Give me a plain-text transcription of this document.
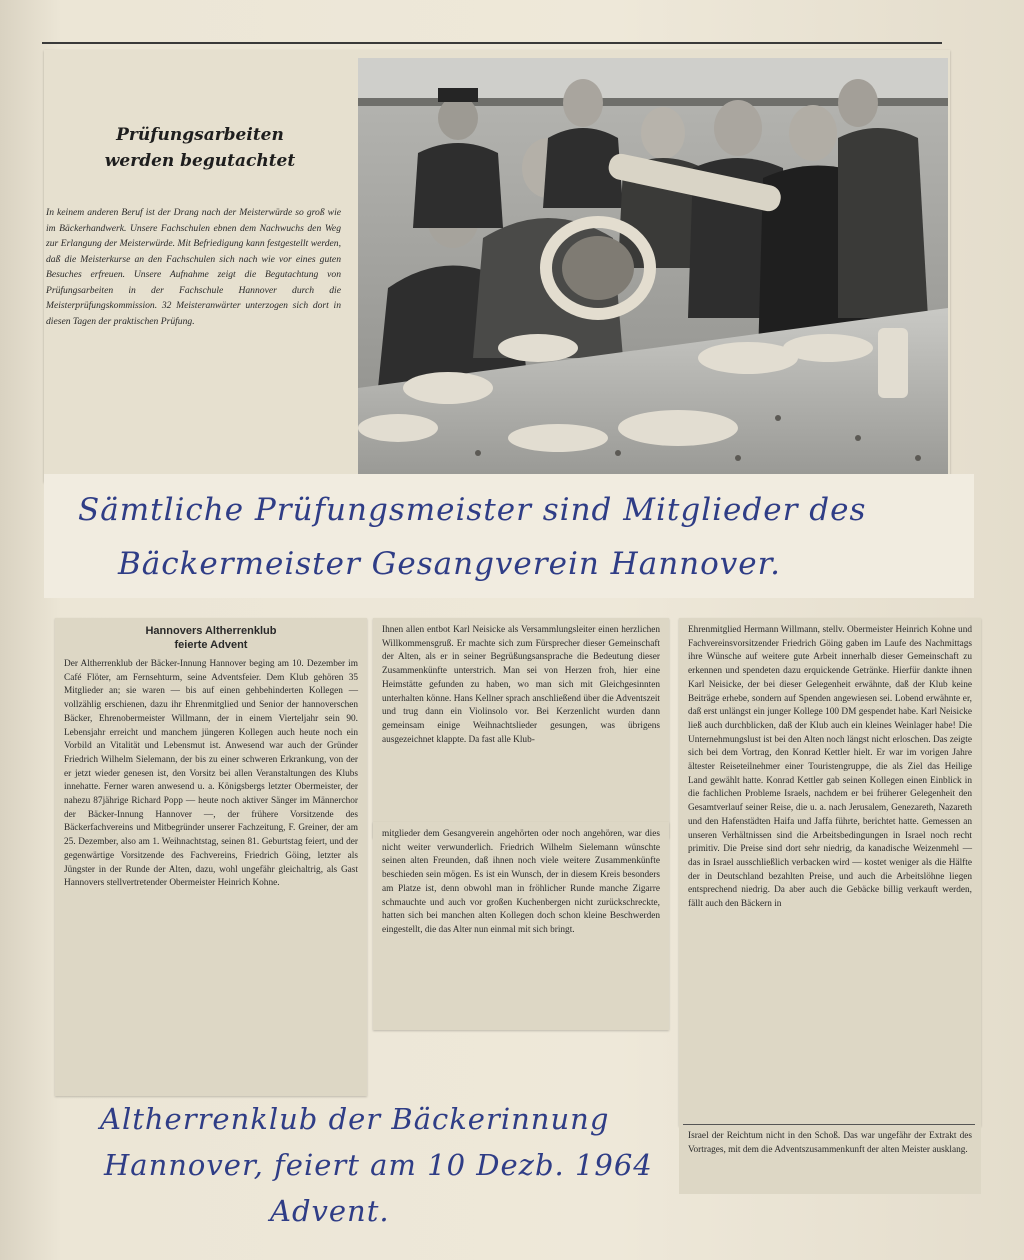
Prüfungsarbeiten
werden begutachtet
In keinem anderen Beruf ist der Drang nach der Meisterwürde so groß wie im Bäckerhandwerk. Unsere Fachschulen ebnen dem Nachwuchs den Weg zur Erlangung der Meisterwürde. Mit Befriedigung kann festgestellt werden, daß die Meisterkurse an den Fachschulen sich nach wie vor eines guten Besuches erfreuen. Unsere Aufnahme zeigt die Begutachtung von Prüfungsarbeiten in der Fachschule Hannover durch die Meisterprüfungskommission. 32 Meisteranwärter unterzogen sich dort in diesen Tagen der praktischen Prüfung.
Sämtliche Prüfungsmeister sind Mitglieder des
Bäckermeister Gesangverein Hannover.
Hannovers Altherrenklub
feierte Advent

Der Altherrenklub der Bäcker-Innung Hannover beging am 10. Dezember im Café Flöter, am Fernsehturm, seine Adventsfeier. Dem Klub gehören 35 Mitglieder an; sie waren — bis auf einen gehbehinderten Kollegen — vollzählig erschienen, dazu ihr Ehrenmitglied und Senior der hannoverschen Bäcker, Ehrenobermeister Willmann, der in einem Vierteljahr sein 90. Lebensjahr erreicht und manchem jüngeren Kollegen auch heute noch ein Vorbild an Vitalität und Lebensmut ist. Anwesend war auch der Gründer Friedrich Wilhelm Sielemann, der bis zu einer schweren Erkrankung, von der er jetzt wieder genesen ist, den Vorsitz bei allen Veranstaltungen des Klubs innehatte. Ferner waren anwesend u. a. Königsbergs letzter Obermeister, der nahezu 87jährige Richard Popp — heute noch aktiver Sänger im Männerchor der Bäcker-Innung Hannover —, der frühere Vorsitzende des Bäckerfachvereins und Mitbegründer unserer Fachzeitung, F. Greiner, der am 25. Dezember, also am 1. Weihnachtstag, seinen 81. Geburtstag feiert, und der gegenwärtige Vorsitzende des Fachvereins, Friedrich Göing, letzter als Jüngster in der Runde der Alten, dazu, wohl ungefähr gleichaltrig, als Gast Hannovers stellvertretender Obermeister Heinrich Kohne.

Ihnen allen entbot Karl Neisicke als Versammlungsleiter einen herzlichen Willkommensgruß. Er machte sich zum Fürsprecher dieser Gemeinschaft der Alten, als er in seiner Begrüßungsansprache die Bedeutung dieser Zusammenkünfte unterstrich. Man sei von Herzen froh, hier eine Heimstätte gefunden zu haben, wo man sich mit Gleichgesinnten unterhalten könne. Hans Kellner sprach anschließend über die Adventszeit und trug dann ein Violinsolo vor. Bei Kerzenlicht wurden dann gemeinsam einige Weihnachtslieder gesungen, was übrigens ausgezeichnet klappte. Da fast alle Klub-

mitglieder dem Gesangverein angehörten oder noch angehören, war dies nicht weiter verwunderlich. Friedrich Wilhelm Sielemann wünschte seinen alten Freunden, daß ihnen noch viele weitere Zusammenkünfte beschieden sein mögen. Es ist ein Wunsch, der in diesem Kreis besonders am Platze ist, denn obwohl man in fröhlicher Runde manche Zigarre schmauchte und auch vor großen Kuchenbergen nicht zurückschreckte, hatten sich bei manchen alten Kollegen doch schon kleine Beschwerden eingestellt, die das Alter nun einmal mit sich bringt.

Ehrenmitglied Hermann Willmann, stellv. Obermeister Heinrich Kohne und Fachvereinsvorsitzender Friedrich Göing gaben im Laufe des Nachmittags ihre Wünsche auf weitere gute Arbeit innerhalb dieser Gemeinschaft zu erkennen und spendeten dazu erquickende Getränke. Hierfür dankte ihnen Karl Neisicke, der bei dieser Gelegenheit erwähnte, daß der Klub keine Beiträge erhebe, sondern auf Spenden angewiesen sei. Lobend erwähnte er, daß erst unlängst ein junger Kollege 100 DM gespendet habe. Karl Neisicke ließ auch durchblicken, daß der Klub auch ein kleines Weinlager habe! Die Unternehmungslust ist bei den Alten noch längst nicht erloschen. Das zeigte sich bei dem Vortrag, den Konrad Kettler hielt. Er war im vorigen Jahre ältester Reiseteilnehmer einer Touristengruppe, die als Ziel das Heilige Land gewählt hatte. Konrad Kettler gab seinen Kollegen einen Einblick in die fachlichen Probleme Israels, nachdem er bei früherer Gelegenheit den Gesamtverlauf seiner Reise, die u. a. nach Jerusalem, Genezareth, Nazareth und den Hafenstädten Haifa und Jaffa führte, berichtet hatte. Gemessen an unseren Verhältnissen sind die Arbeitsbedingungen in Israel noch recht primitiv. Die Preise sind dort sehr niedrig, da kanadische Weizenmehl — das in Israel ausschließlich verbacken wird — kostet weniger als die Hälfte der in Deutschland bezahlten Preise, und auch die Arbeitslöhne liegen entsprechend niedrig. Da aber auch die Gebäcke billig verkauft werden, fällt auch den Bäckern in

Israel der Reichtum nicht in den Schoß. Das war ungefähr der Extrakt des Vortrages, mit dem die Adventszusammenkunft der alten Meister ausklang.
Altherrenklub der Bäckerinnung
Hannover, feiert am 10 Dezb. 1964
Advent.
